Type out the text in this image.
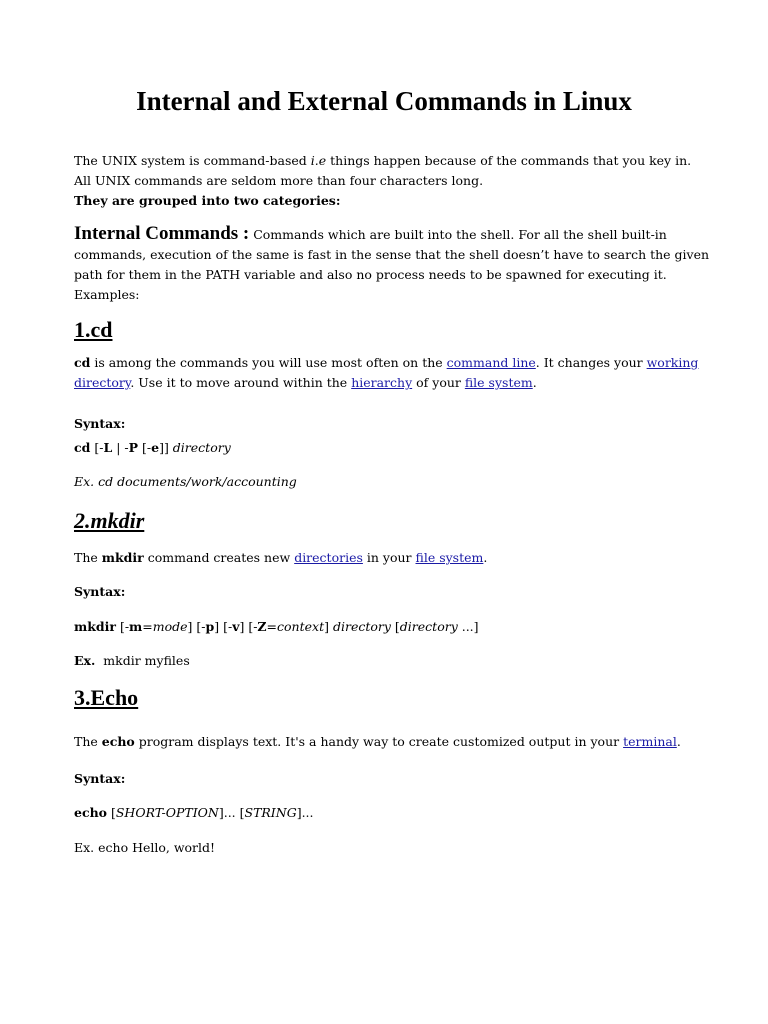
Internal and External Commands in Linux

The UNIX system is command-based i.e things happen because of the commands that you key in.

All UNIX commands are seldom more than four characters long.

They are grouped into two categories:

Internal Commands : Commands which are built into the shell. For all the shell built-in

commands, execution of the same is fast in the sense that the shell doesn’t have to search the given

path for them in the PATH variable and also no process needs to be spawned for executing it.

Examples:

1.cd

cd is among the commands you will use most often on the command line. It changes your working

directory. Use it to move around within the hierarchy of your file system.

Syntax:

cd [-L | -P [-e]] directory

Ex. cd documents/work/accounting

2.mkdir

The mkdir command creates new directories in your file system.

Syntax:

mkdir [-m=mode] [-p] [-v] [-Z=context] directory [directory ...]

Ex.  mkdir myfiles

3.Echo

The echo program displays text. It's a handy way to create customized output in your terminal.

Syntax:

echo [SHORT-OPTION]... [STRING]...

Ex. echo Hello, world!
